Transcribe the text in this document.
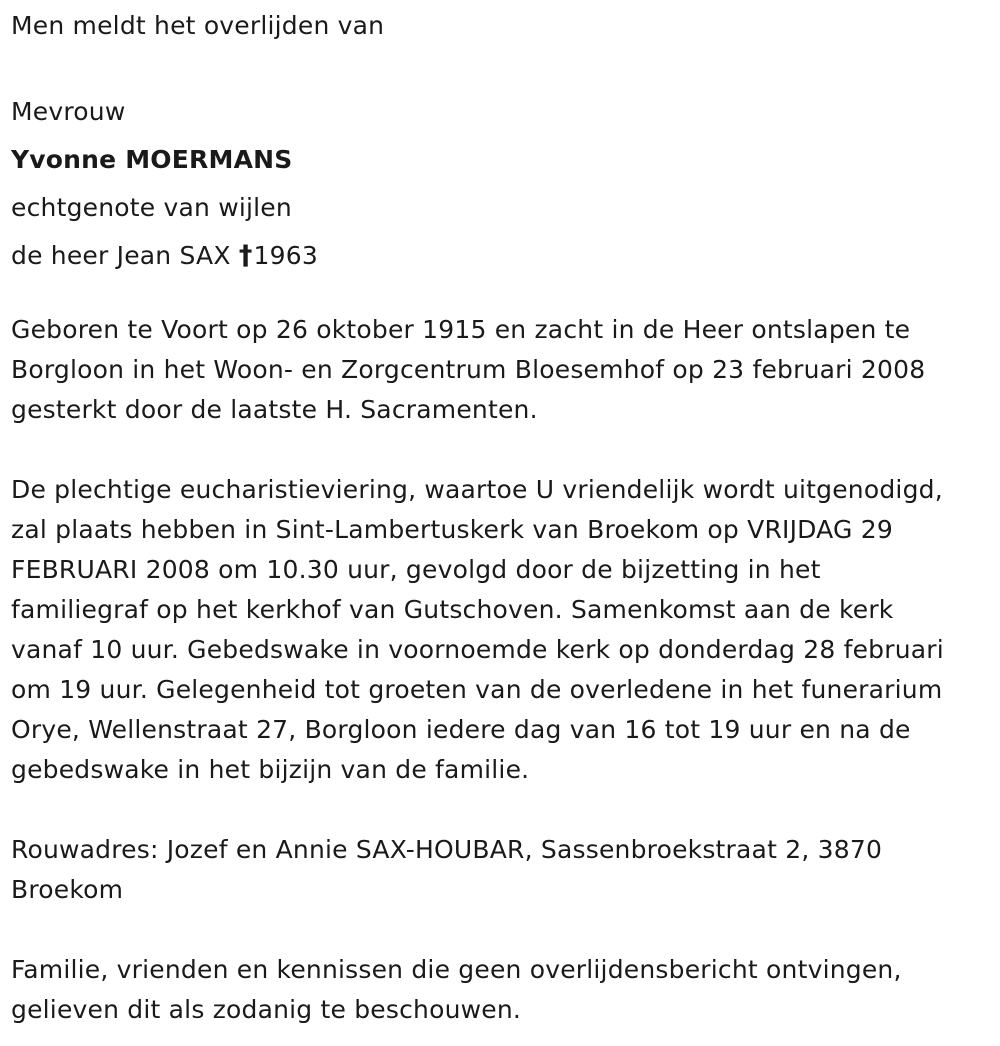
Men meldt het overlijden van

Mevrouw

Yvonne MOERMANS

echtgenote van wijlen

de heer Jean SAX †1963

Geboren te Voort op 26 oktober 1915 en zacht in de Heer ontslapen te

Borgloon in het Woon- en Zorgcentrum Bloesemhof op 23 februari 2008

gesterkt door de laatste H. Sacramenten.

De plechtige eucharistieviering, waartoe U vriendelijk wordt uitgenodigd,

zal plaats hebben in Sint-Lambertuskerk van Broekom op VRIJDAG 29

FEBRUARI 2008 om 10.30 uur, gevolgd door de bijzetting in het

familiegraf op het kerkhof van Gutschoven. Samenkomst aan de kerk

vanaf 10 uur. Gebedswake in voornoemde kerk op donderdag 28 februari

om 19 uur. Gelegenheid tot groeten van de overledene in het funerarium

Orye, Wellenstraat 27, Borgloon iedere dag van 16 tot 19 uur en na de

gebedswake in het bijzijn van de familie.

Rouwadres: Jozef en Annie SAX-HOUBAR, Sassenbroekstraat 2, 3870

Broekom

Familie, vrienden en kennissen die geen overlijdensbericht ontvingen,

gelieven dit als zodanig te beschouwen.
